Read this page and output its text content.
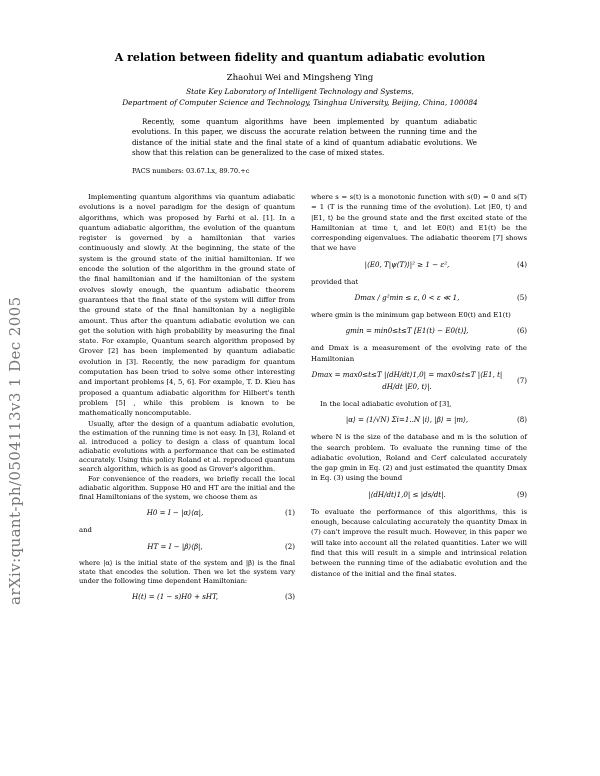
arXiv:quant-ph/0504113v3 1 Dec 2005
A relation between fidelity and quantum adiabatic evolution
Zhaohui Wei and Mingsheng Ying
State Key Laboratory of Intelligent Technology and Systems,
Department of Computer Science and Technology, Tsinghua University, Beijing, China, 100084

Recently, some quantum algorithms have been implemented by quantum adiabatic evolutions. In this paper, we discuss the accurate relation between the running time and the distance of the initial state and the final state of a kind of quantum adiabatic evolutions. We show that this relation can be generalized to the case of mixed states.

PACS numbers: 03.67.Lx, 89.70.+c

Implementing quantum algorithms via quantum adiabatic evolutions is a novel paradigm for the design of quantum algorithms, which was proposed by Farhi et al. [1]. In a quantum adiabatic algorithm, the evolution of the quantum register is governed by a hamiltonian that varies continuously and slowly. At the beginning, the state of the system is the ground state of the initial hamiltonian. If we encode the solution of the algorithm in the ground state of the final hamiltonian and if the hamiltonian of the system evolves slowly enough, the quantum adiabatic theorem guarantees that the final state of the system will differ from the ground state of the final hamiltonian by a negligible amount. Thus after the quantum adiabatic evolution we can get the solution with high probability by measuring the final state. For example, Quantum search algorithm proposed by Grover [2] has been implemented by quantum adiabatic evolution in [3]. Recently, the new paradigm for quantum computation has been tried to solve some other interesting and important problems [4, 5, 6]. For example, T. D. Kieu has proposed a quantum adiabatic algorithm for Hilbert's tenth problem [5] , while this problem is known to be mathematically noncomputable.

Usually, after the design of a quantum adiabatic evolution, the estimation of the running time is not easy. In [3], Roland et al. introduced a policy to design a class of quantum local adiabatic evolutions with a performance that can be estimated accurately. Using this policy Roland et al. reproduced quantum search algorithm, which is as good as Grover's algorithm.

For convenience of the readers, we briefly recall the local adiabatic algorithm. Suppose H0 and HT are the initial and the final Hamiltonians of the system, we choose them as

H0 = I − |α⟩⟨α|,	(1)

and

HT = I − |β⟩⟨β|,	(2)

where |α⟩ is the initial state of the system and |β⟩ is the final state that encodes the solution. Then we let the system vary under the following time dependent Hamiltonian:

H(t) = (1 − s)H0 + sHT,	(3)

where s = s(t) is a monotonic function with s(0) = 0 and s(T) = 1 (T is the running time of the evolution). Let |E0, t⟩ and |E1, t⟩ be the ground state and the first excited state of the Hamiltonian at time t, and let E0(t) and E1(t) be the corresponding eigenvalues. The adiabatic theorem [7] shows that we have

|⟨E0, T|ψ(T)⟩|² ≥ 1 − ε²,	(4)

provided that

Dmax / g²min ≤ ε, 0 < ε ≪ 1,	(5)

where gmin is the minimum gap between E0(t) and E1(t)

gmin = min0≤t≤T [E1(t) − E0(t)],	(6)

and Dmax is a measurement of the evolving rate of the Hamiltonian

Dmax = max0≤t≤T |⟨dH/dt⟩1,0| = max0≤t≤T |⟨E1, t| dH/dt |E0, t⟩|.
(7)

In the local adiabatic evolution of [3],

|α⟩ = (1/√N) Σi=1..N |i⟩, |β⟩ = |m⟩,	(8)

where N is the size of the database and m is the solution of the search problem. To evaluate the running time of the adiabatic evolution, Roland and Cerf calculated accurately the gap gmin in Eq. (2) and just estimated the quantity Dmax in Eq. (3) using the bound

|⟨dH/dt⟩1,0| ≤ |ds/dt|.	(9)

To evaluate the performance of this algorithms, this is enough, because calculating accurately the quantity Dmax in (7) can't improve the result much. However, in this paper we will take into account all the related quantities. Later we will find that this will result in a simple and intrinsical relation between the running time of the adiabatic evolution and the distance of the initial and the final states.
